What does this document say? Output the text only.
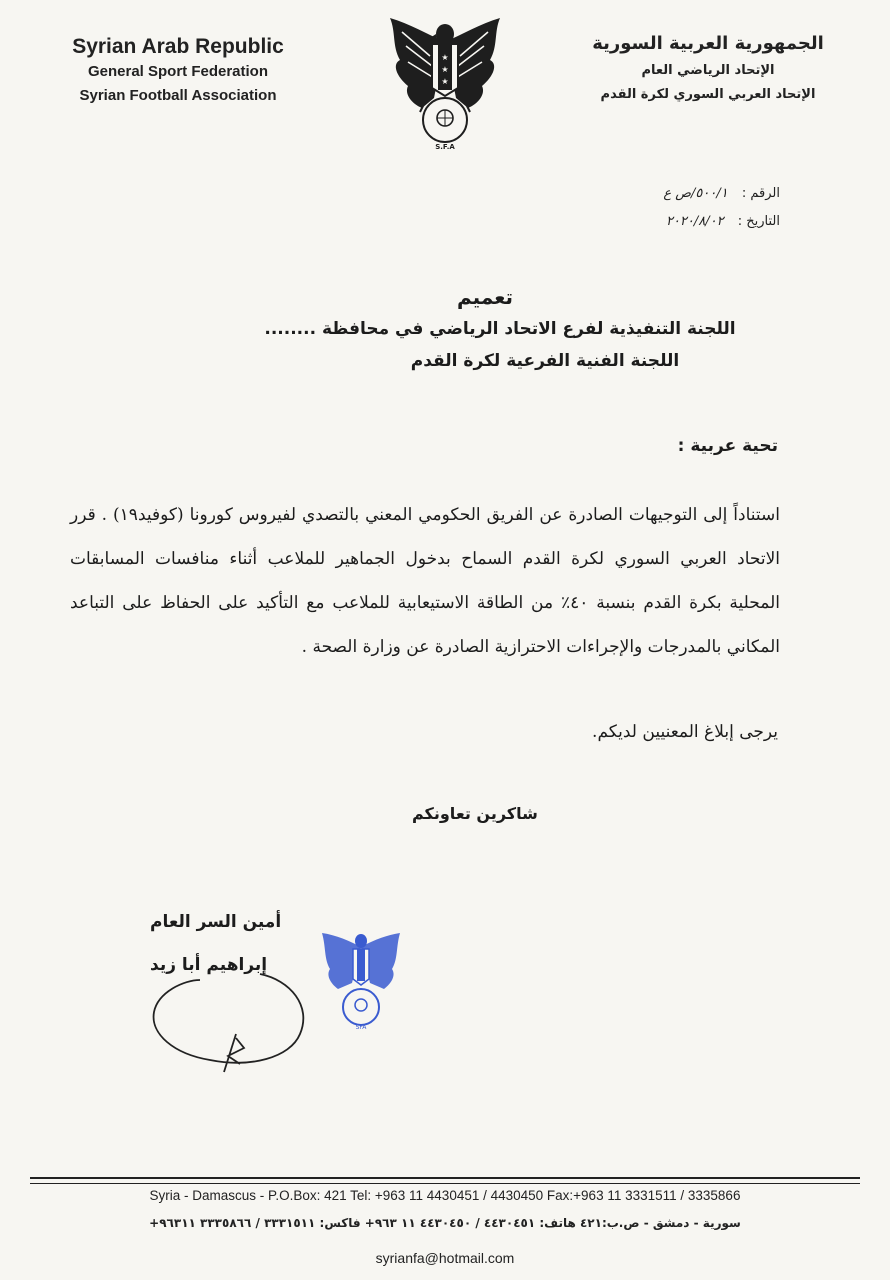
Syrian Arab Republic
General Sport Federation
Syrian Football Association
★
★
★
S.F.A
الجمهورية العربية السورية
الإتحاد الرياضي العام
الإتحاد العربي السوري لكرة القدم
الرقم : ٥٠٠/١/ص ع
التاريخ : ٢٠٢٠/٨/٠٢
تعميم
اللجنة التنفيذية لفرع الاتحاد الرياضي في محافظة ........
اللجنة الفنية الفرعية لكرة القدم
تحية عربية :
استناداً إلى التوجيهات الصادرة عن الفريق الحكومي المعني بالتصدي لفيروس كورونا (كوفيد١٩) . قرر الاتحاد العربي السوري لكرة القدم السماح بدخول الجماهير للملاعب أثناء منافسات المسابقات المحلية بكرة القدم بنسبة ٤٠٪ من الطاقة الاستيعابية للملاعب مع التأكيد على الحفاظ على التباعد المكاني بالمدرجات والإجراءات الاحترازية الصادرة عن وزارة الصحة .
يرجى إبلاغ المعنيين لديكم.
شاكرين تعاونكم
أمين السر العام
إبراهيم أبا زيد
SFA
Syria - Damascus - P.O.Box: 421 Tel: +963 11 4430451 / 4430450 Fax:+963 11 3331511 / 3335866
سورية - دمشق - ص.ب:٤٢١ هاتف: ٤٤٣٠٤٥١ / ٤٤٣٠٤٥٠ ١١ ٩٦٣+ فاكس: ٣٣٣١٥١١ / ٣٣٣٥٨٦٦ ٩٦٣١١+
syrianfa@hotmail.com
